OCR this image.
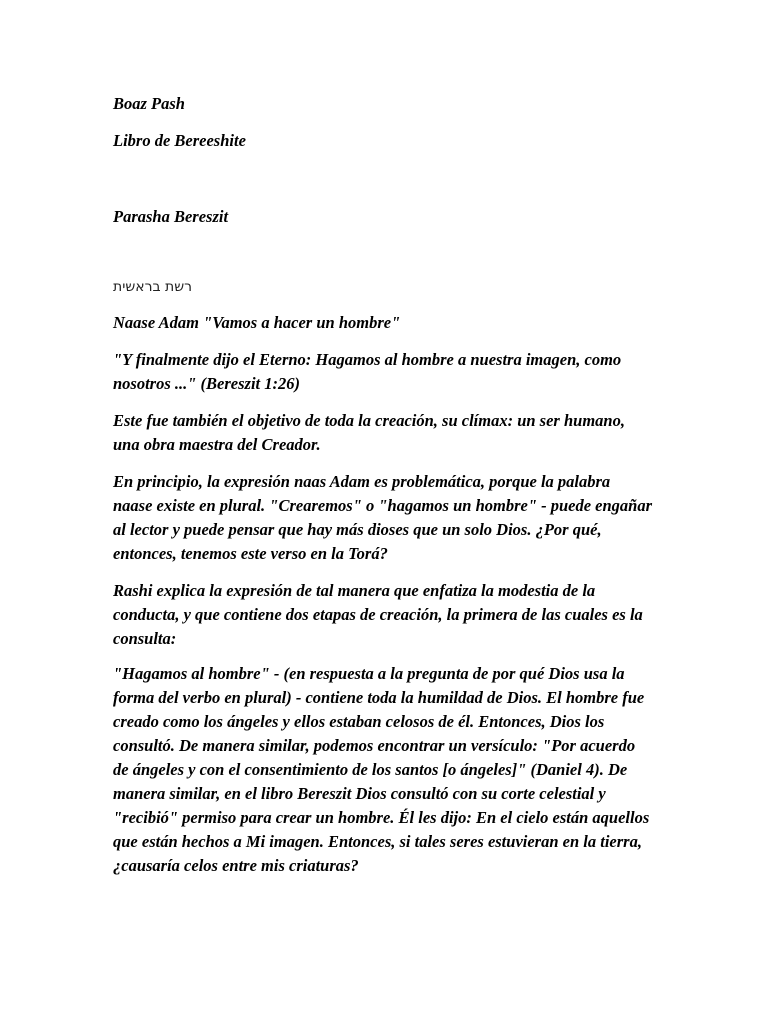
Boaz Pash

Libro de Bereeshite

Parasha Bereszit

רשת בראשית

Naase Adam "Vamos a hacer un hombre"

"Y finalmente dijo el Eterno: Hagamos al hombre a nuestra imagen, como nosotros ..." (Bereszit 1:26)

Este fue también el objetivo de toda la creación, su clímax: un ser humano, una obra maestra del Creador.

En principio, la expresión naas Adam es problemática, porque la palabra naase existe en plural. "Crearemos" o "hagamos un hombre" - puede engañar al lector y puede pensar que hay más dioses que un solo Dios. ¿Por qué, entonces, tenemos este verso en la Torá?

Rashi explica la expresión de tal manera que enfatiza la modestia de la conducta, y que contiene dos etapas de creación, la primera de las cuales es la consulta:

"Hagamos al hombre" - (en respuesta a la pregunta de por qué Dios usa la forma del verbo en plural) - contiene toda la humildad de Dios. El hombre fue creado como los ángeles y ellos estaban celosos de él. Entonces, Dios los consultó. De manera similar, podemos encontrar un versículo: "Por acuerdo de ángeles y con el consentimiento de los santos [o ángeles]" (Daniel 4). De manera similar, en el libro Bereszit Dios consultó con su corte celestial y "recibió" permiso para crear un hombre. Él les dijo: En el cielo están aquellos que están hechos a Mi imagen. Entonces, si tales seres estuvieran en la tierra, ¿causaría celos entre mis criaturas?
